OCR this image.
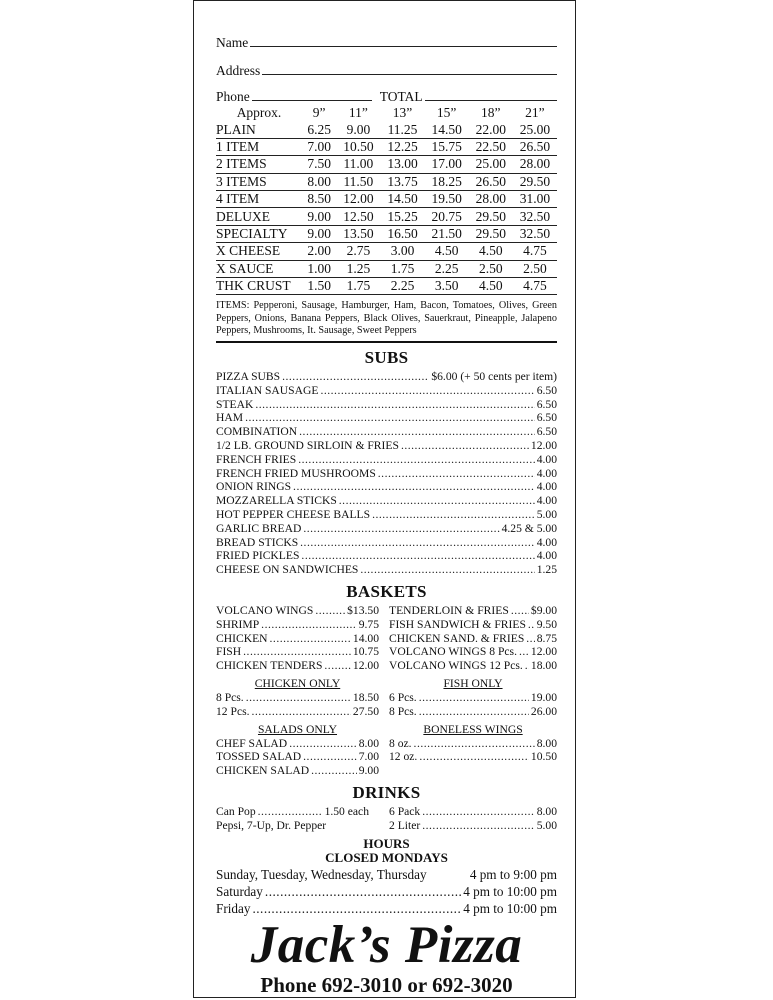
Name
Address
Phone	TOTAL
Approx.	9”	11”	13”	15”	18”	21”
PLAIN	6.25	9.00	11.25	14.50	22.00	25.00
1 ITEM	7.00	10.50	12.25	15.75	22.50	26.50
2 ITEMS	7.50	11.00	13.00	17.00	25.00	28.00
3 ITEMS	8.00	11.50	13.75	18.25	26.50	29.50
4 ITEM	8.50	12.00	14.50	19.50	28.00	31.00
DELUXE	9.00	12.50	15.25	20.75	29.50	32.50
SPECIALTY	9.00	13.50	16.50	21.50	29.50	32.50
X CHEESE	2.00	2.75	3.00	4.50	4.50	4.75
X SAUCE	1.00	1.25	1.75	2.25	2.50	2.50
THK CRUST	1.50	1.75	2.25	3.50	4.50	4.75
ITEMS: Pepperoni, Sausage, Hamburger, Ham, Bacon, Tomatoes, Olives, Green Peppers, Onions, Banana Peppers, Black Olives, Sauerkraut, Pineapple, Jalapeno Peppers, Mushrooms, It. Sausage, Sweet Peppers
SUBS
PIZZA SUBS .....	$6.00 (+ 50 cents per item)
ITALIAN SAUSAGE .....	6.50
STEAK .....	6.50
HAM .....	6.50
COMBINATION .....	6.50
1/2 LB. GROUND SIRLOIN & FRIES .....	12.00
FRENCH FRIES .....	4.00
FRENCH FRIED MUSHROOMS .....	4.00
ONION RINGS .....	4.00
MOZZARELLA STICKS .....	4.00
HOT PEPPER CHEESE BALLS .....	5.00
GARLIC BREAD .....	4.25 & 5.00
BREAD STICKS .....	4.00
FRIED PICKLES .....	4.00
CHEESE ON SANDWICHES .....	1.25
BASKETS
VOLCANO WINGS .....	$13.50
SHRIMP .....	9.75
CHICKEN .....	14.00
FISH .....	10.75
CHICKEN TENDERS .....	12.00
TENDERLOIN & FRIES ..... $9.00
FISH SANDWICH & FRIES ..... 9.50
CHICKEN SAND. & FRIES ..... 8.75
VOLCANO WINGS 8 Pcs. ..... 12.00
VOLCANO WINGS 12 Pcs. ..... 18.00
CHICKEN ONLY
8 Pcs. .....	18.50
12 Pcs. .....	27.50
FISH ONLY
6 Pcs. .....	19.00
8 Pcs. .....	26.00
SALADS ONLY
CHEF SALAD .....	8.00
TOSSED SALAD .....	7.00
CHICKEN SALAD .....	9.00
BONELESS WINGS
8 oz. .....	8.00
12 oz. .....	10.50
DRINKS
Can Pop .....	1.50 each
Pepsi, 7-Up, Dr. Pepper
6 Pack .....	8.00
2 Liter .....	5.00
HOURS
CLOSED MONDAYS
Sunday, Tuesday, Wednesday, Thursday	4 pm to 9:00 pm
Saturday .....	4 pm to 10:00 pm
Friday .....	4 pm to 10:00 pm
Jack’s Pizza
Phone 692-3010 or 692-3020
